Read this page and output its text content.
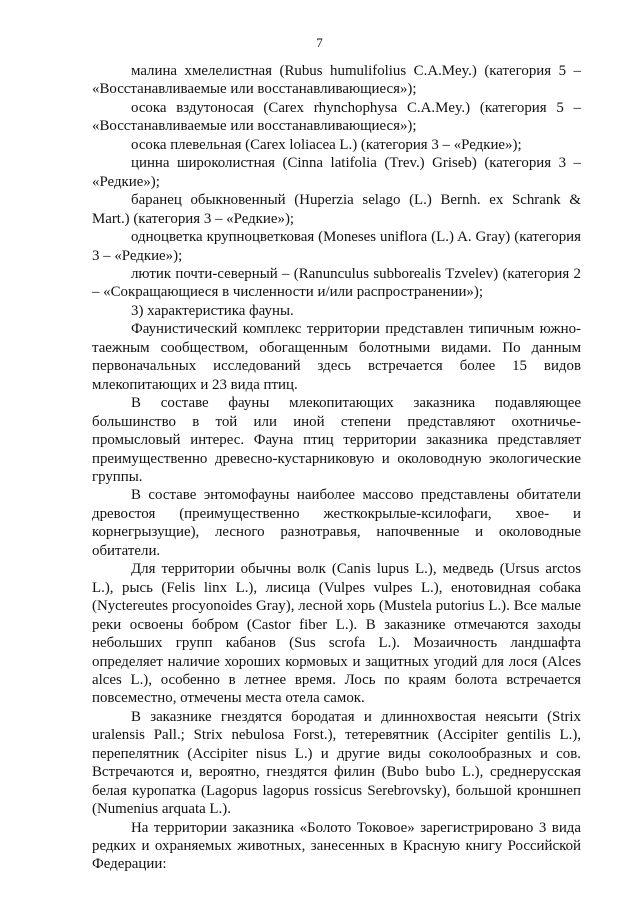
7

малина хмелелистная (Rubus humulifolius C.A.Mey.) (категория 5 – «Восстанавливаемые или восстанавливающиеся»);

осока вздутоносая (Carex rhynchophysa C.A.Mey.) (категория 5 – «Восстанавливаемые или восстанавливающиеся»);

осока плевельная (Carex loliacea L.) (категория 3 – «Редкие»);

цинна широколистная (Cinna latifolia (Trev.) Griseb) (категория 3 – «Редкие»);

баранец обыкновенный (Huperzia selago (L.) Bernh. ex Schrank & Mart.) (категория 3 – «Редкие»);

одноцветка крупноцветковая (Moneses uniflora (L.) A. Gray) (категория 3 – «Редкие»);

лютик почти-северный – (Ranunculus subborealis Tzvelev) (категория 2 – «Сокращающиеся в численности и/или распространении»);

3) характеристика фауны.

Фаунистический комплекс территории представлен типичным южно-таежным сообществом, обогащенным болотными видами. По данным первоначальных исследований здесь встречается более 15 видов млекопитающих и 23 вида птиц.

В составе фауны млекопитающих заказника подавляющее большинство в той или иной степени представляют охотничье-промысловый интерес. Фауна птиц территории заказника представляет преимущественно древесно-кустарниковую и околоводную экологические группы.

В составе энтомофауны наиболее массово представлены обитатели древостоя (преимущественно жесткокрылые-ксилофаги, хвое- и корнегрызущие), лесного разнотравья, напочвенные и околоводные обитатели.

Для территории обычны волк (Canis lupus L.), медведь (Ursus arctos L.), рысь (Felis linx L.), лисица (Vulpes vulpes L.), енотовидная собака (Nyctereutes procyonoides Gray), лесной хорь (Mustela putorius L.). Все малые реки освоены бобром (Castor fiber L.). В заказнике отмечаются заходы небольших групп кабанов (Sus scrofa L.). Мозаичность ландшафта определяет наличие хороших кормовых и защитных угодий для лося (Alces alces L.), особенно в летнее время. Лось по краям болота встречается повсеместно, отмечены места отела самок.

В заказнике гнездятся бородатая и длиннохвостая неясыти (Strix uralensis Pall.; Strix nebulosa Forst.), тетеревятник (Accipiter gentilis L.), перепелятник (Accipiter nisus L.) и другие виды соколообразных и сов. Встречаются и, вероятно, гнездятся филин (Bubo bubo L.), среднерусская белая куропатка (Lagopus lagopus rossicus Serebrovsky), большой кроншнеп (Numenius arquata L.).

На территории заказника «Болото Токовое» зарегистрировано 3 вида редких и охраняемых животных, занесенных в Красную книгу Российской Федерации:
